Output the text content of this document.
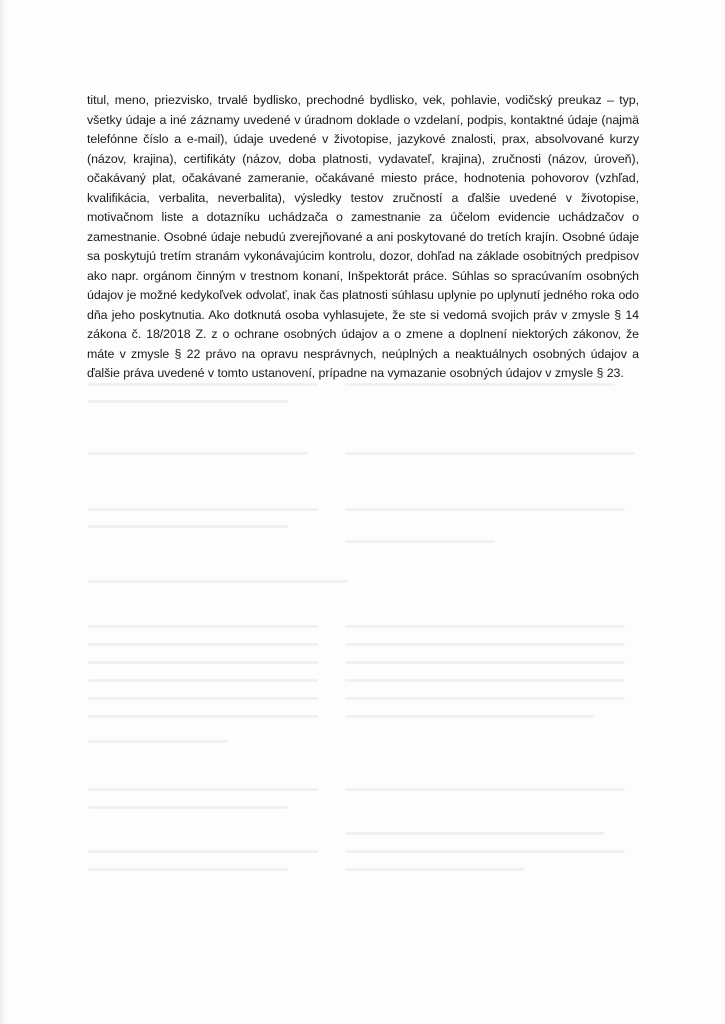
titul, meno, priezvisko, trvalé bydlisko, prechodné bydlisko, vek, pohlavie, vodičský preukaz – typ, všetky údaje a iné záznamy uvedené v úradnom doklade o vzdelaní, podpis, kontaktné údaje (najmä telefónne číslo a e-mail), údaje uvedené v životopise, jazykové znalosti, prax, absolvované kurzy (názov, krajina), certifikáty (názov, doba platnosti, vydavateľ, krajina), zručnosti (názov, úroveň), očakávaný plat, očakávané zameranie, očakávané miesto práce, hodnotenia pohovorov (vzhľad, kvalifikácia, verbalita, neverbalita), výsledky testov zručností a ďalšie uvedené v životopise, motivačnom liste a dotazníku uchádzača o zamestnanie za účelom evidencie uchádzačov o zamestnanie. Osobné údaje nebudú zverejňované a ani poskytované do tretích krajín. Osobné údaje sa poskytujú tretím stranám vykonávajúcim kontrolu, dozor, dohľad na základe osobitných predpisov ako napr. orgánom činným v trestnom konaní, Inšpektorát práce. Súhlas so spracúvaním osobných údajov je možné kedykoľvek odvolať, inak čas platnosti súhlasu uplynie po uplynutí jedného roka odo dňa jeho poskytnutia. Ako dotknutá osoba vyhlasujete, že ste si vedomá svojich práv v zmysle § 14 zákona č. 18/2018 Z. z o ochrane osobných údajov a o zmene a doplnení niektorých zákonov, že máte v zmysle § 22 právo na opravu nesprávnych, neúplných a neaktuálnych osobných údajov a ďalšie práva uvedené v tomto ustanovení, prípadne na vymazanie osobných údajov v zmysle § 23.
